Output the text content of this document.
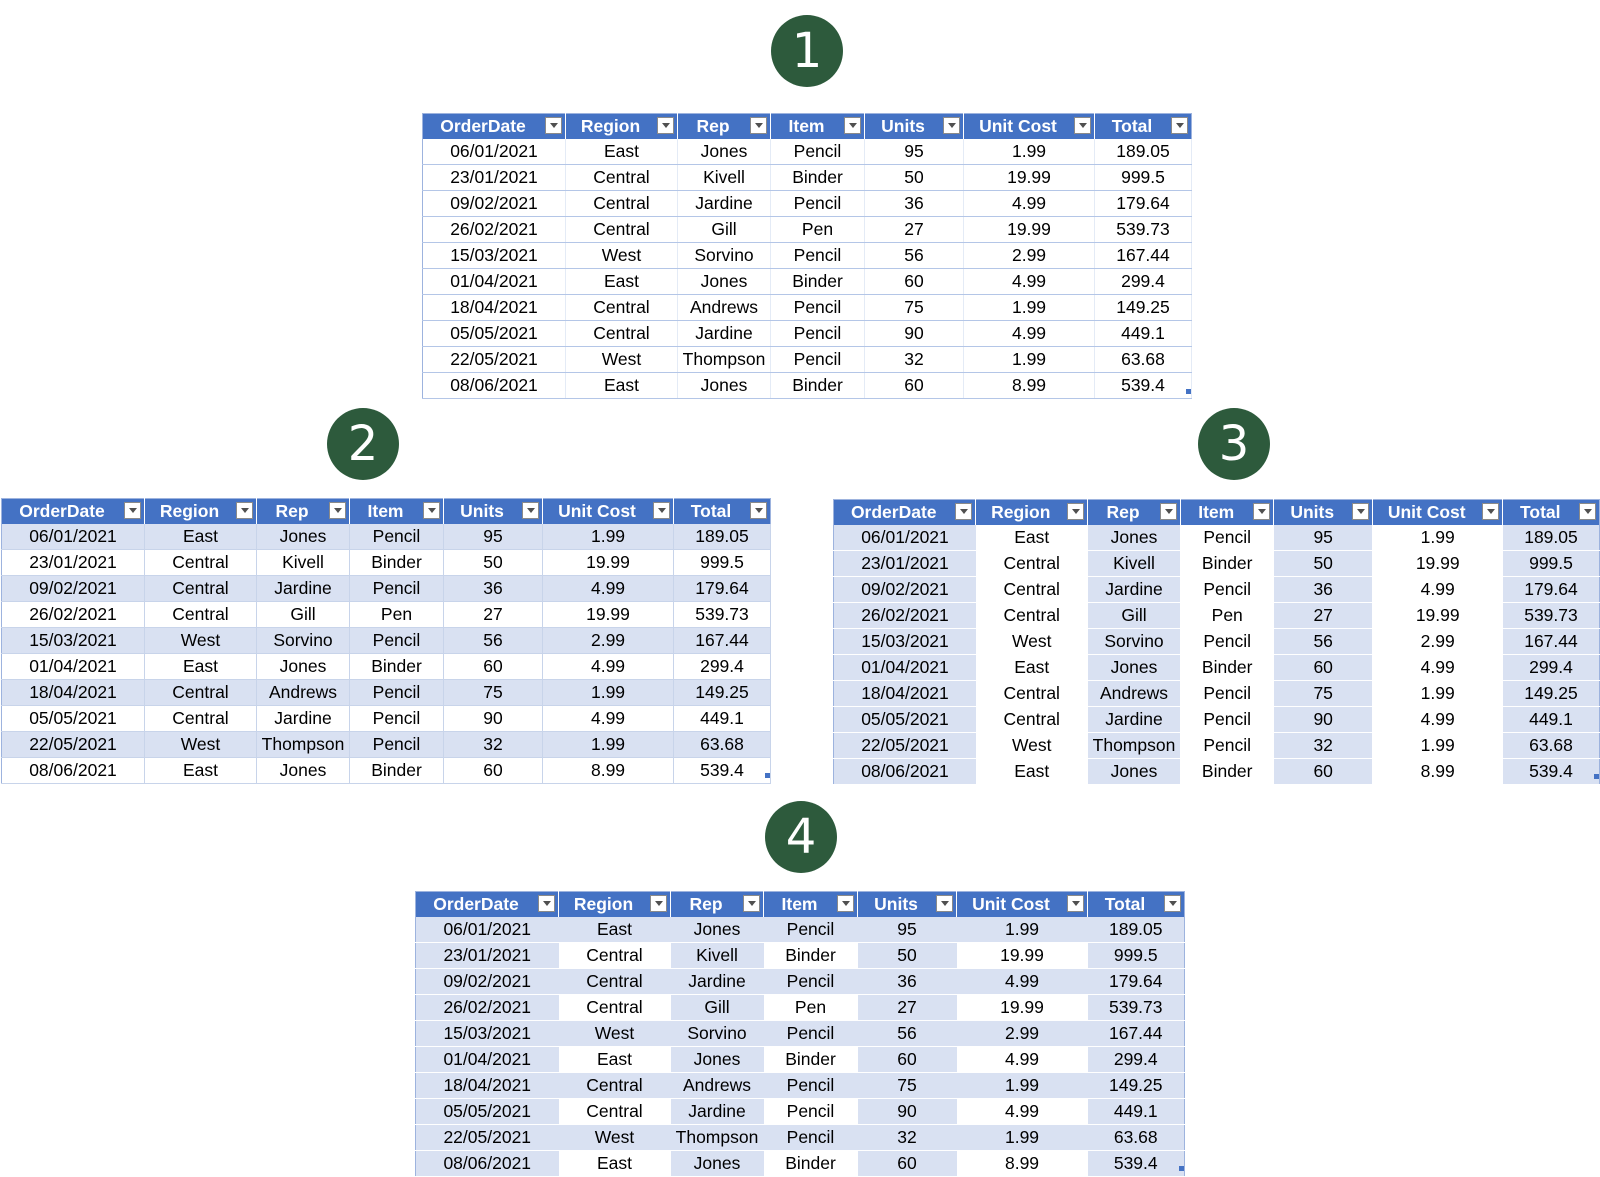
1
2	3
4
OrderDate	Region	Rep	Item	Units	Unit Cost	Total

06/01/2021	East	Jones	Pencil	95	1.99	189.05
23/01/2021	Central	Kivell	Binder	50	19.99	999.5
09/02/2021	Central	Jardine	Pencil	36	4.99	179.64
26/02/2021	Central	Gill	Pen	27	19.99	539.73
15/03/2021	West	Sorvino	Pencil	56	2.99	167.44
01/04/2021	East	Jones	Binder	60	4.99	299.4
18/04/2021	Central	Andrews	Pencil	75	1.99	149.25
05/05/2021	Central	Jardine	Pencil	90	4.99	449.1
22/05/2021	West	Thompson	Pencil	32	1.99	63.68
08/06/2021	East	Jones	Binder	60	8.99	539.4
OrderDate	Region	Rep	Item	Units	Unit Cost	Total

06/01/2021	East	Jones	Pencil	95	1.99	189.05
23/01/2021	Central	Kivell	Binder	50	19.99	999.5
09/02/2021	Central	Jardine	Pencil	36	4.99	179.64
26/02/2021	Central	Gill	Pen	27	19.99	539.73
15/03/2021	West	Sorvino	Pencil	56	2.99	167.44
01/04/2021	East	Jones	Binder	60	4.99	299.4
18/04/2021	Central	Andrews	Pencil	75	1.99	149.25
05/05/2021	Central	Jardine	Pencil	90	4.99	449.1
22/05/2021	West	Thompson	Pencil	32	1.99	63.68
08/06/2021	East	Jones	Binder	60	8.99	539.4
OrderDate	Region	Rep	Item	Units	Unit Cost	Total

06/01/2021	East	Jones	Pencil	95	1.99	189.05
23/01/2021	Central	Kivell	Binder	50	19.99	999.5
09/02/2021	Central	Jardine	Pencil	36	4.99	179.64
26/02/2021	Central	Gill	Pen	27	19.99	539.73
15/03/2021	West	Sorvino	Pencil	56	2.99	167.44
01/04/2021	East	Jones	Binder	60	4.99	299.4
18/04/2021	Central	Andrews	Pencil	75	1.99	149.25
05/05/2021	Central	Jardine	Pencil	90	4.99	449.1
22/05/2021	West	Thompson	Pencil	32	1.99	63.68
08/06/2021	East	Jones	Binder	60	8.99	539.4
OrderDate	Region	Rep	Item	Units	Unit Cost	Total

06/01/2021	East	Jones	Pencil	95	1.99	189.05
23/01/2021	Central	Kivell	Binder	50	19.99	999.5
09/02/2021	Central	Jardine	Pencil	36	4.99	179.64
26/02/2021	Central	Gill	Pen	27	19.99	539.73
15/03/2021	West	Sorvino	Pencil	56	2.99	167.44
01/04/2021	East	Jones	Binder	60	4.99	299.4
18/04/2021	Central	Andrews	Pencil	75	1.99	149.25
05/05/2021	Central	Jardine	Pencil	90	4.99	449.1
22/05/2021	West	Thompson	Pencil	32	1.99	63.68
08/06/2021	East	Jones	Binder	60	8.99	539.4
